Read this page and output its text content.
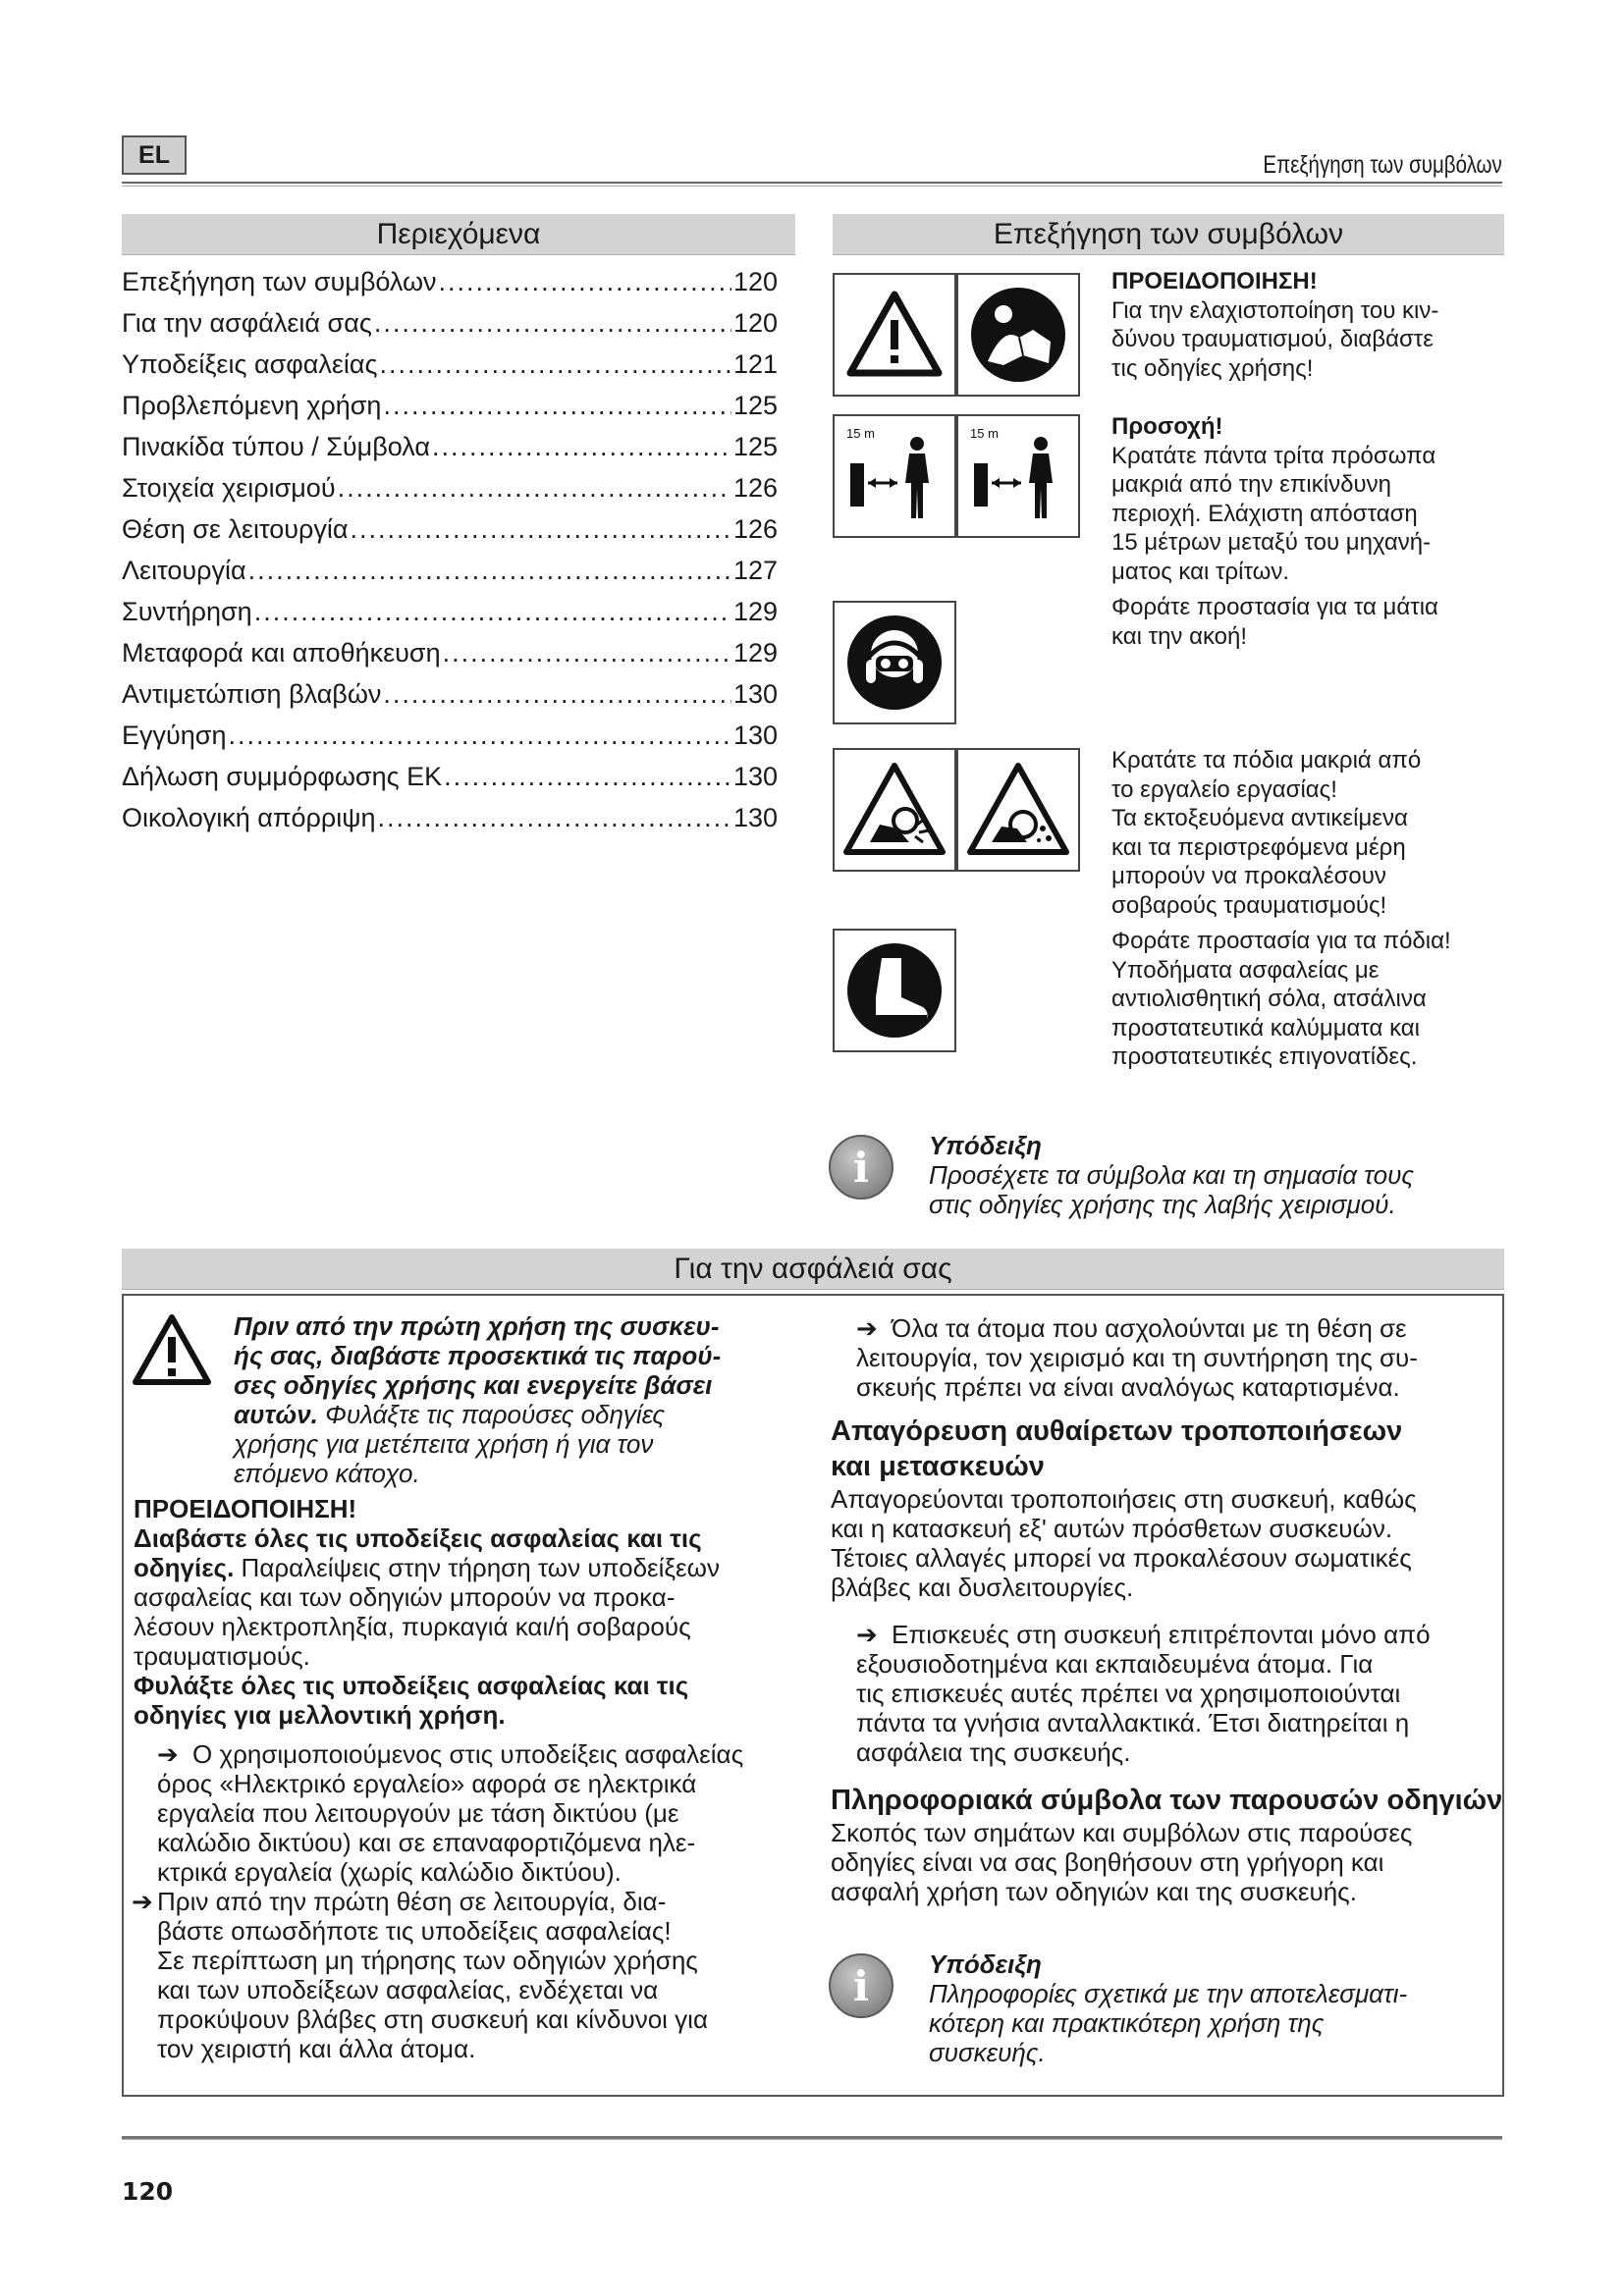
EL	Επεξήγηση των συμβόλων
Περιεχόμενα
Επεξήγηση των συμβόλων .....	120
Για την ασφάλειά σας .....	120
Υποδείξεις ασφαλείας .....	121
Προβλεπόμενη χρήση .....	125
Πινακίδα τύπου / Σύμβολα .....	125
Στοιχεία χειρισμού .....	126
Θέση σε λειτουργία .....	126
Λειτουργία .....	127
Συντήρηση .....	129
Μεταφορά και αποθήκευση .....	129
Αντιμετώπιση βλαβών .....	130
Εγγύηση .....	130
Δήλωση συμμόρφωσης ΕΚ .....	130
Οικολογική απόρριψη .....	130
Επεξήγηση των συμβόλων
ΠΡΟΕΙΔΟΠΟΙΗΣΗ!
Για την ελαχιστοποίηση του κιν-
δύνου τραυματισμού, διαβάστε
τις οδηγίες χρήσης!
15 m	15 m	Προσοχή!
Κρατάτε πάντα τρίτα πρόσωπα
μακριά από την επικίνδυνη
περιοχή. Ελάχιστη απόσταση
15 μέτρων μεταξύ του μηχανή-
ματος και τρίτων.
Φοράτε προστασία για τα μάτια
και την ακοή!
Κρατάτε τα πόδια μακριά από
το εργαλείο εργασίας!
Τα εκτοξευόμενα αντικείμενα
και τα περιστρεφόμενα μέρη
μπορούν να προκαλέσουν
σοβαρούς τραυματισμούς!
Φοράτε προστασία για τα πόδια!
Υποδήματα ασφαλείας με
αντιολισθητική σόλα, ατσάλινα
προστατευτικά καλύμματα και
προστατευτικές επιγονατίδες.
i	Υπόδειξη
Προσέχετε τα σύμβολα και τη σημασία τους
στις οδηγίες χρήσης της λαβής χειρισμού.
Για την ασφάλειά σας
Πριν από την πρώτη χρήση της συσκευ-
ής σας, διαβάστε προσεκτικά τις παρού-
σες οδηγίες χρήσης και ενεργείτε βάσει
αυτών. Φυλάξτε τις παρούσες οδηγίες
χρήσης για μετέπειτα χρήση ή για τον
επόμενο κάτοχο.
ΠΡΟΕΙΔΟΠΟΙΗΣΗ!
Διαβάστε όλες τις υποδείξεις ασφαλείας και τις
οδηγίες. Παραλείψεις στην τήρηση των υποδείξεων
ασφαλείας και των οδηγιών μπορούν να προκα-
λέσουν ηλεκτροπληξία, πυρκαγιά και/ή σοβαρούς
τραυματισμούς.
Φυλάξτε όλες τις υποδείξεις ασφαλείας και τις
οδηγίες για μελλοντική χρήση.
➔ Ο χρησιμοποιούμενος στις υποδείξεις ασφαλείας
όρος «Ηλεκτρικό εργαλείο» αφορά σε ηλεκτρικά
εργαλεία που λειτουργούν με τάση δικτύου (με
καλώδιο δικτύου) και σε επαναφορτιζόμενα ηλε-
κτρικά εργαλεία (χωρίς καλώδιο δικτύου).
➔ Πριν από την πρώτη θέση σε λειτουργία, δια-
βάστε οπωσδήποτε τις υποδείξεις ασφαλείας!
Σε περίπτωση μη τήρησης των οδηγιών χρήσης
και των υποδείξεων ασφαλείας, ενδέχεται να
προκύψουν βλάβες στη συσκευή και κίνδυνοι για
τον χειριστή και άλλα άτομα.
➔ Όλα τα άτομα που ασχολούνται με τη θέση σε
λειτουργία, τον χειρισμό και τη συντήρηση της συ-
σκευής πρέπει να είναι αναλόγως καταρτισμένα.
Απαγόρευση αυθαίρετων τροποποιήσεων
και μετασκευών
Απαγορεύονται τροποποιήσεις στη συσκευή, καθώς
και η κατασκευή εξ' αυτών πρόσθετων συσκευών.
Τέτοιες αλλαγές μπορεί να προκαλέσουν σωματικές
βλάβες και δυσλειτουργίες.
➔ Επισκευές στη συσκευή επιτρέπονται μόνο από
εξουσιοδοτημένα και εκπαιδευμένα άτομα. Για
τις επισκευές αυτές πρέπει να χρησιμοποιούνται
πάντα τα γνήσια ανταλλακτικά. Έτσι διατηρείται η
ασφάλεια της συσκευής.
Πληροφοριακά σύμβολα των παρουσών οδηγιών
Σκοπός των σημάτων και συμβόλων στις παρούσες
οδηγίες είναι να σας βοηθήσουν στη γρήγορη και
ασφαλή χρήση των οδηγιών και της συσκευής.
i	Υπόδειξη
Πληροφορίες σχετικά με την αποτελεσματι-
κότερη και πρακτικότερη χρήση της
συσκευής.
120
